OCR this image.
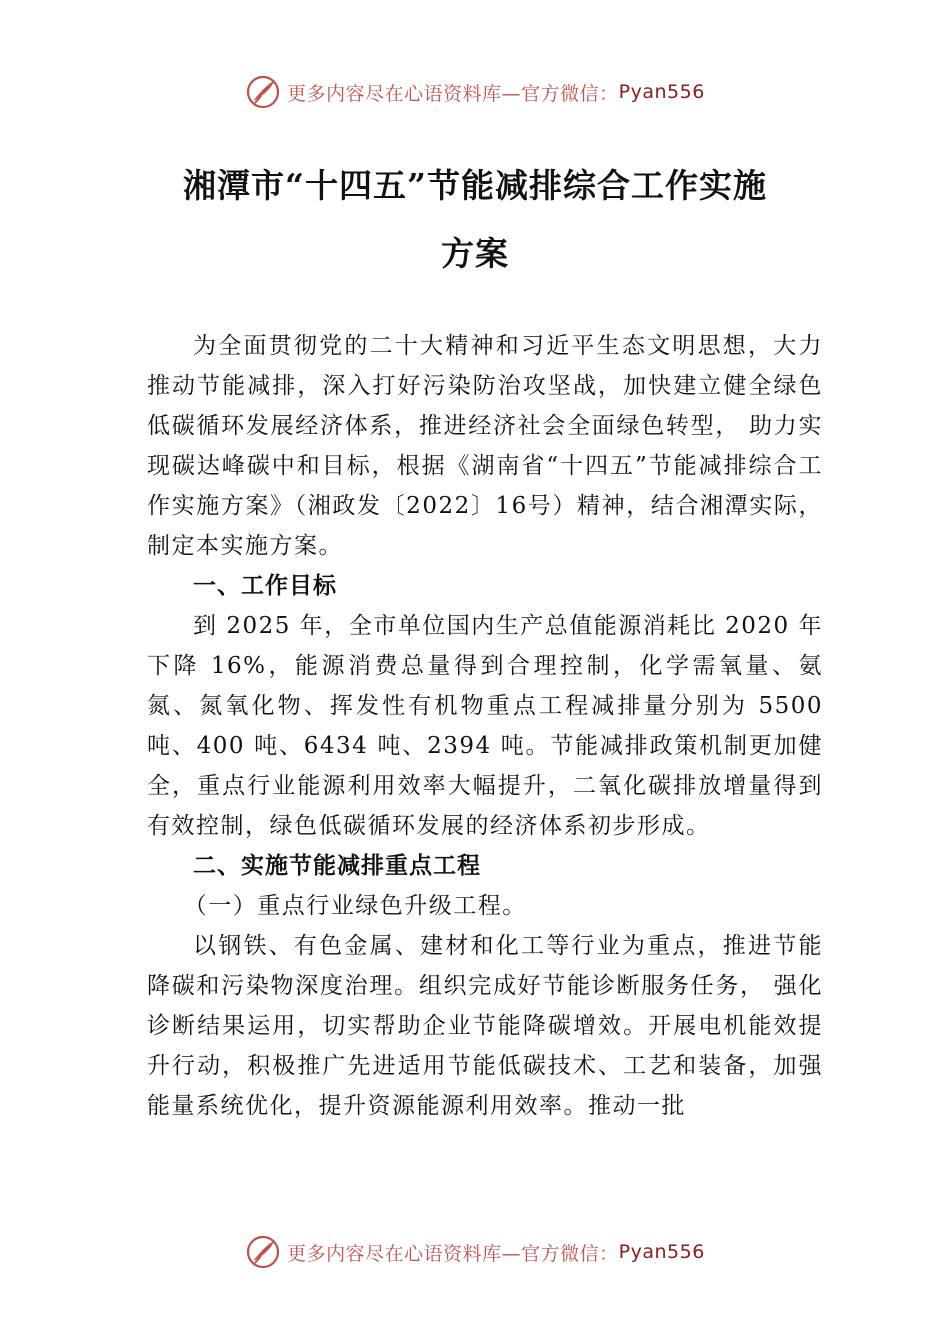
更多内容尽在心语资料库—官方微信： Pyan556
湘潭市“十四五”节能减排综合工作实施
方案

为全面贯彻党的二十大精神和习近平生态文明思想，大力推动节能减排，深入打好污染防治攻坚战，加快建立健全绿色低碳循环发展经济体系，推进经济社会全面绿色转型， 助力实现碳达峰碳中和目标，根据《湖南省“十四五”节能减排综合工作实施方案》（湘政发〔2022〕16号）精神，结合湘潭实际，制定本实施方案。

一、工作目标

到 2025 年，全市单位国内生产总值能源消耗比 2020 年下降 16%，能源消费总量得到合理控制，化学需氧量、氨氮、氮氧化物、挥发性有机物重点工程减排量分别为 5500 吨、400 吨、6434 吨、2394 吨。节能减排政策机制更加健全，重点行业能源利用效率大幅提升，二氧化碳排放增量得到有效控制，绿色低碳循环发展的经济体系初步形成。

二、实施节能减排重点工程
（一）重点行业绿色升级工程。

以钢铁、有色金属、建材和化工等行业为重点，推进节能降碳和污染物深度治理。组织完成好节能诊断服务任务， 强化诊断结果运用，切实帮助企业节能降碳增效。开展电机能效提升行动，积极推广先进适用节能低碳技术、工艺和装备，加强能量系统优化，提升资源能源利用效率。推动一批

更多内容尽在心语资料库—官方微信： Pyan556
